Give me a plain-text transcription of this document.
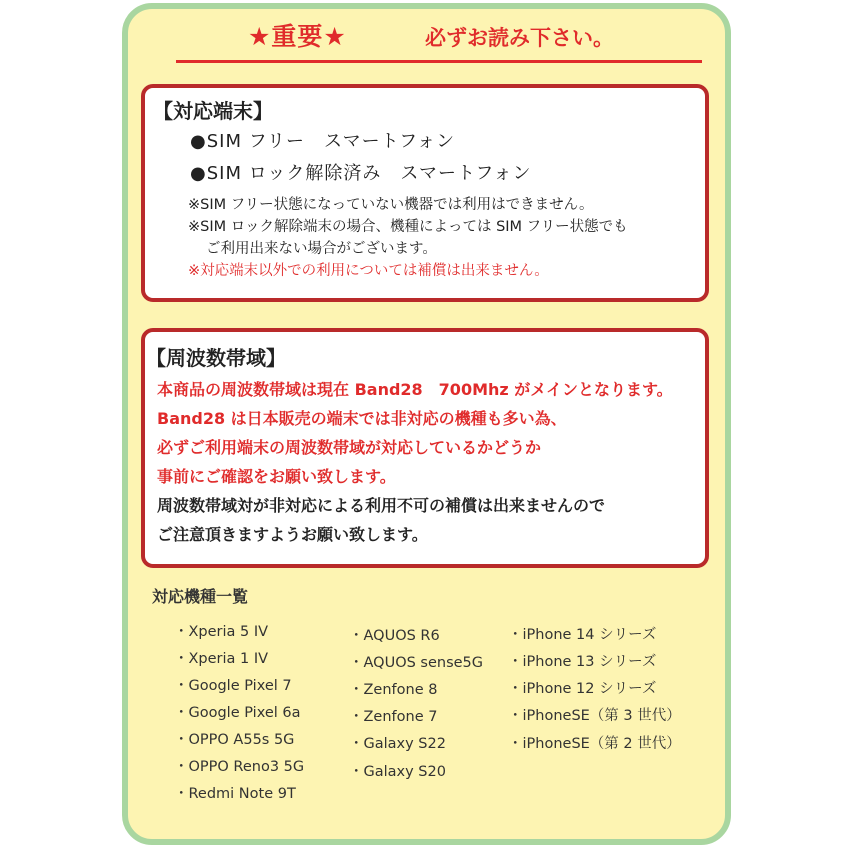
★重要★	必ずお読み下さい。
【対応端末】
●SIM フリー　スマートフォン
●SIM ロック解除済み　スマートフォン
※SIM フリー状態になっていない機器では利用はできません。
※SIM ロック解除端末の場合、機種によっては SIM フリー状態でも
ご利用出来ない場合がございます。
※対応端末以外での利用については補償は出来ません。
【周波数帯域】
本商品の周波数帯域は現在 Band28　700Mhz がメインとなります。
Band28 は日本販売の端末では非対応の機種も多い為、
必ずご利用端末の周波数帯域が対応しているかどうか
事前にご確認をお願い致します。
周波数帯域対が非対応による利用不可の補償は出来ませんので
ご注意頂きますようお願い致します。
対応機種一覧
・Xperia 5 IV
・Xperia 1 IV
・Google Pixel 7
・Google Pixel 6a
・OPPO A55s 5G
・OPPO Reno3 5G
・Redmi Note 9T
・AQUOS R6
・AQUOS sense5G
・Zenfone 8
・Zenfone 7
・Galaxy S22
・Galaxy S20
・iPhone 14 シリーズ
・iPhone 13 シリーズ
・iPhone 12 シリーズ
・iPhoneSE（第 3 世代）
・iPhoneSE（第 2 世代）
